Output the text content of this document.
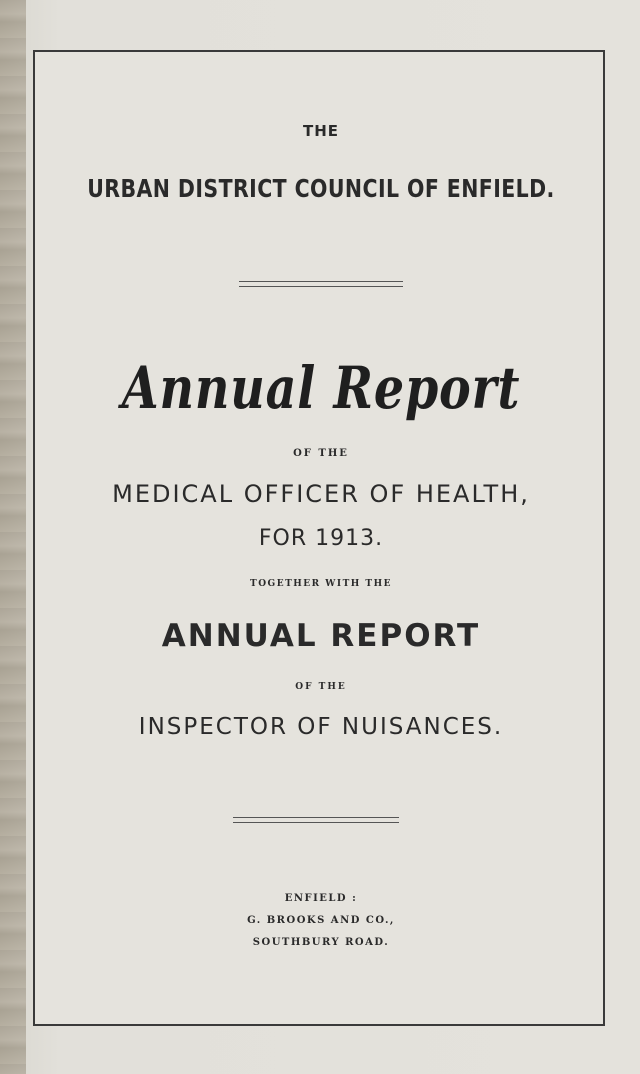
THE
URBAN DISTRICT COUNCIL OF ENFIELD.
Annual Report
OF THE
MEDICAL OFFICER OF HEALTH,
FOR 1913.
TOGETHER WITH THE
ANNUAL REPORT
OF THE
INSPECTOR OF NUISANCES.
ENFIELD :
G. BROOKS AND CO.,
SOUTHBURY ROAD.
